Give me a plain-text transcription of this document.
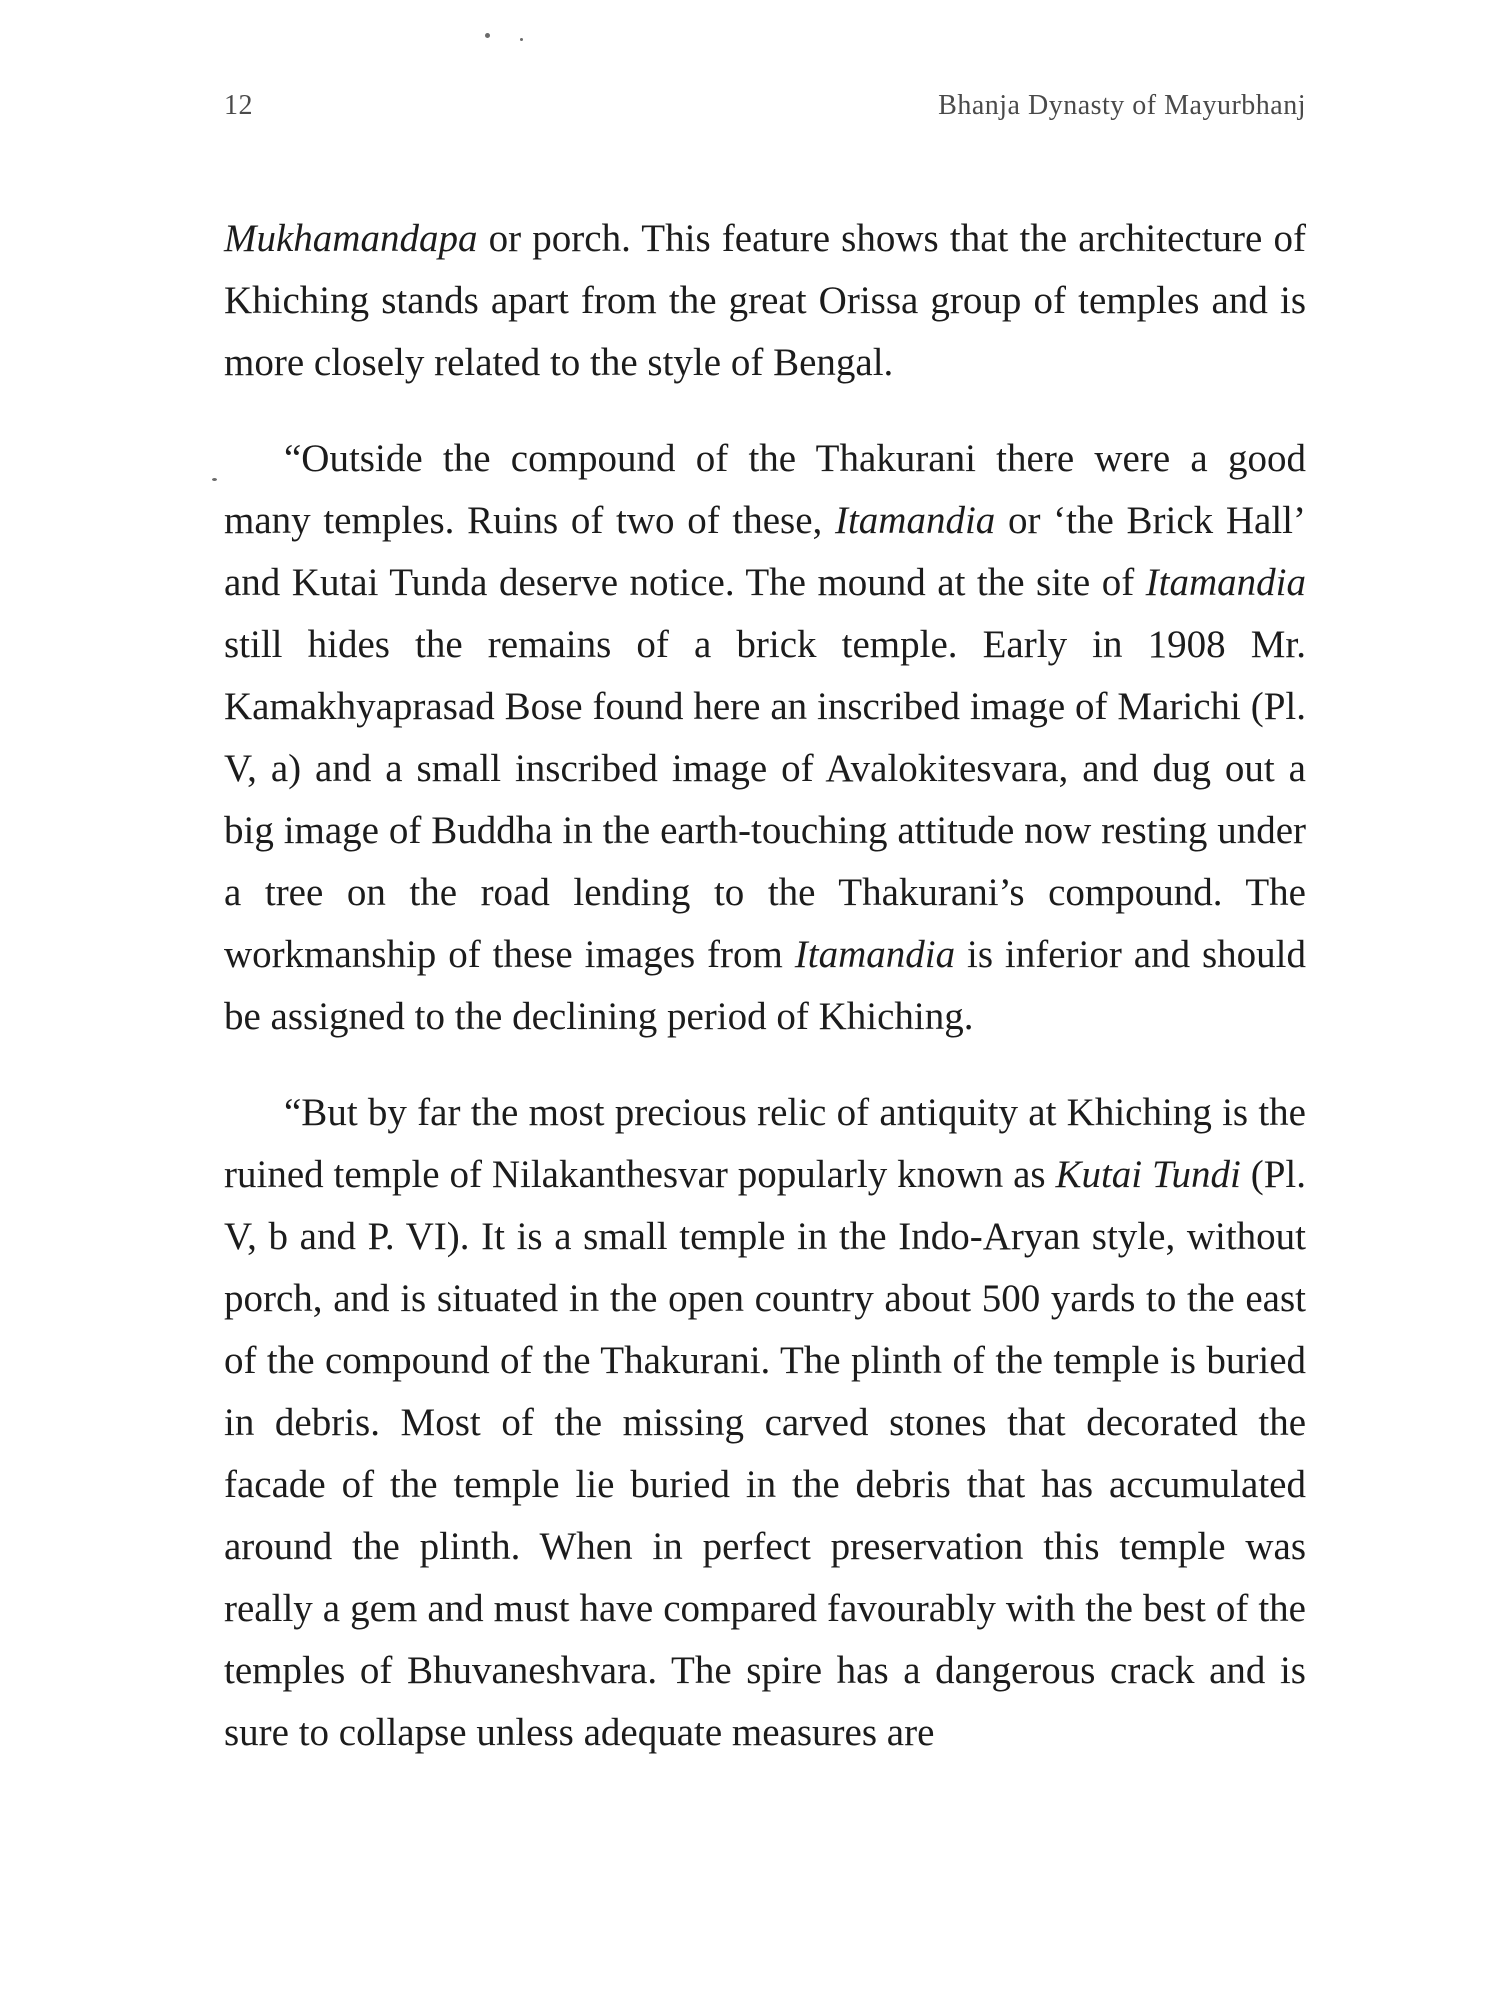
12	Bhanja Dynasty of Mayurbhanj

Mukhamandapa or porch. This feature shows that the architecture of Khiching stands apart from the great Orissa group of temples and is more closely related to the style of Bengal.

“Outside the compound of the Thakurani there were a good many temples. Ruins of two of these, Itamandia or ‘the Brick Hall’ and Kutai Tunda deserve notice. The mound at the site of Itamandia still hides the remains of a brick temple. Early in 1908 Mr. Kamakhyaprasad Bose found here an inscribed image of Marichi (Pl. V, a) and a small inscribed image of Avalokitesvara, and dug out a big image of Buddha in the earth-touching attitude now resting under a tree on the road lending to the Thakurani’s compound. The workmanship of these images from Itamandia is inferior and should be assigned to the declining period of Khiching.

“But by far the most precious relic of antiquity at Khiching is the ruined temple of Nilakanthesvar popularly known as Kutai Tundi (Pl. V, b and P. VI). It is a small temple in the Indo-Aryan style, without porch, and is situated in the open country about 500 yards to the east of the compound of the Thakurani. The plinth of the temple is buried in debris. Most of the missing carved stones that decorated the facade of the temple lie buried in the debris that has accumulated around the plinth. When in perfect preservation this temple was really a gem and must have compared favourably with the best of the temples of Bhuvaneshvara. The spire has a dangerous crack and is sure to collapse unless adequate measures are
